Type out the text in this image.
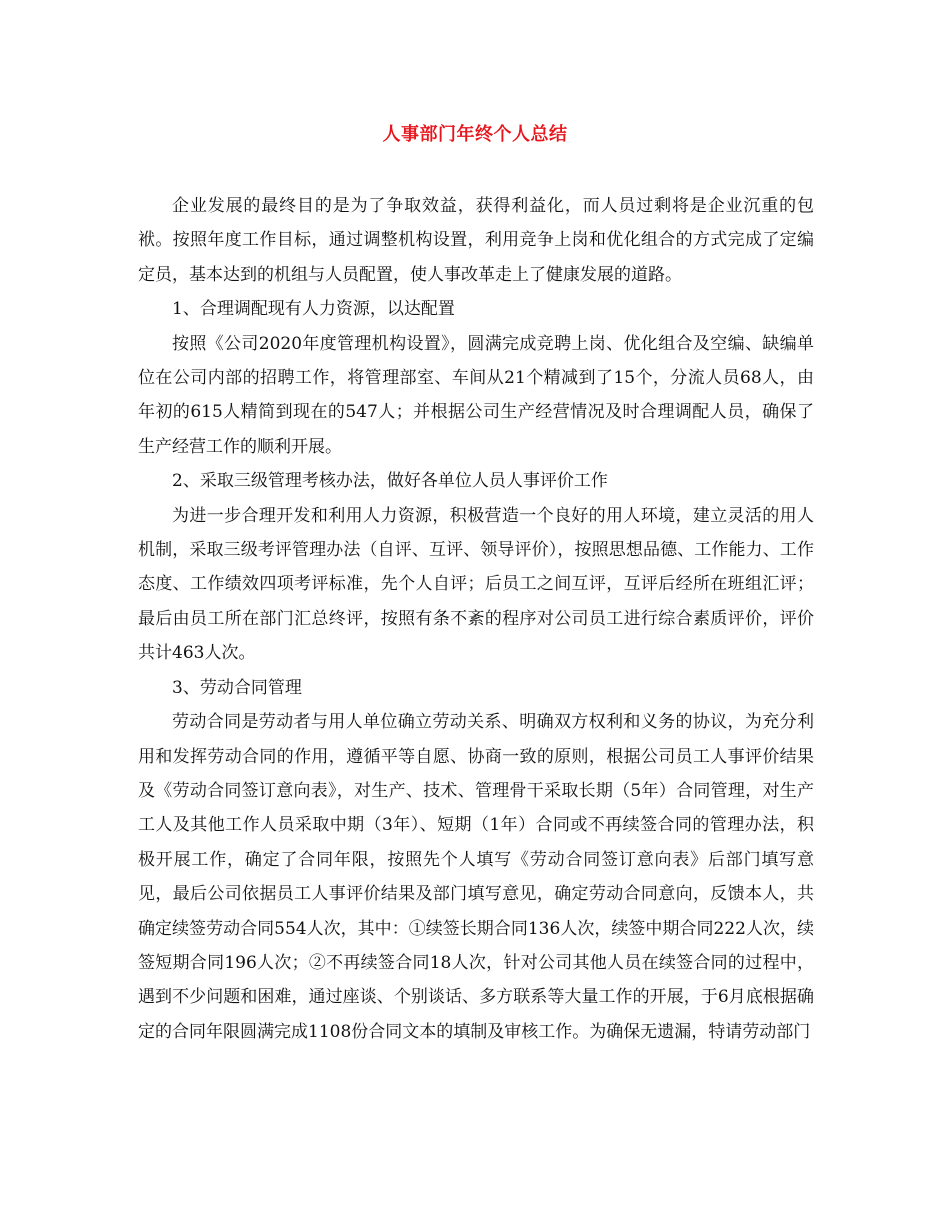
人事部门年终个人总结

企业发展的最终目的是为了争取效益，获得利益化，而人员过剩将是企业沉重的包袱。按照年度工作目标，通过调整机构设置，利用竞争上岗和优化组合的方式完成了定编定员，基本达到的机组与人员配置，使人事改革走上了健康发展的道路。

1、合理调配现有人力资源，以达配置

按照《公司2020年度管理机构设置》，圆满完成竞聘上岗、优化组合及空编、缺编单位在公司内部的招聘工作，将管理部室、车间从21个精减到了15个，分流人员68人，由年初的615人精简到现在的547人；并根据公司生产经营情况及时合理调配人员，确保了生产经营工作的顺利开展。

2、采取三级管理考核办法，做好各单位人员人事评价工作

为进一步合理开发和利用人力资源，积极营造一个良好的用人环境，建立灵活的用人机制，采取三级考评管理办法（自评、互评、领导评价），按照思想品德、工作能力、工作态度、工作绩效四项考评标准，先个人自评；后员工之间互评，互评后经所在班组汇评；最后由员工所在部门汇总终评，按照有条不紊的程序对公司员工进行综合素质评价，评价共计463人次。

3、劳动合同管理

劳动合同是劳动者与用人单位确立劳动关系、明确双方权利和义务的协议，为充分利用和发挥劳动合同的作用，遵循平等自愿、协商一致的原则，根据公司员工人事评价结果及《劳动合同签订意向表》，对生产、技术、管理骨干采取长期（5年）合同管理，对生产工人及其他工作人员采取中期（3年）、短期（1年）合同或不再续签合同的管理办法，积极开展工作，确定了合同年限，按照先个人填写《劳动合同签订意向表》后部门填写意见，最后公司依据员工人事评价结果及部门填写意见，确定劳动合同意向，反馈本人，共确定续签劳动合同554人次，其中：①续签长期合同136人次，续签中期合同222人次，续签短期合同196人次；②不再续签合同18人次，针对公司其他人员在续签合同的过程中，遇到不少问题和困难，通过座谈、个别谈话、多方联系等大量工作的开展，于6月底根据确定的合同年限圆满完成1108份合同文本的填制及审核工作。为确保无遗漏，特请劳动部门
